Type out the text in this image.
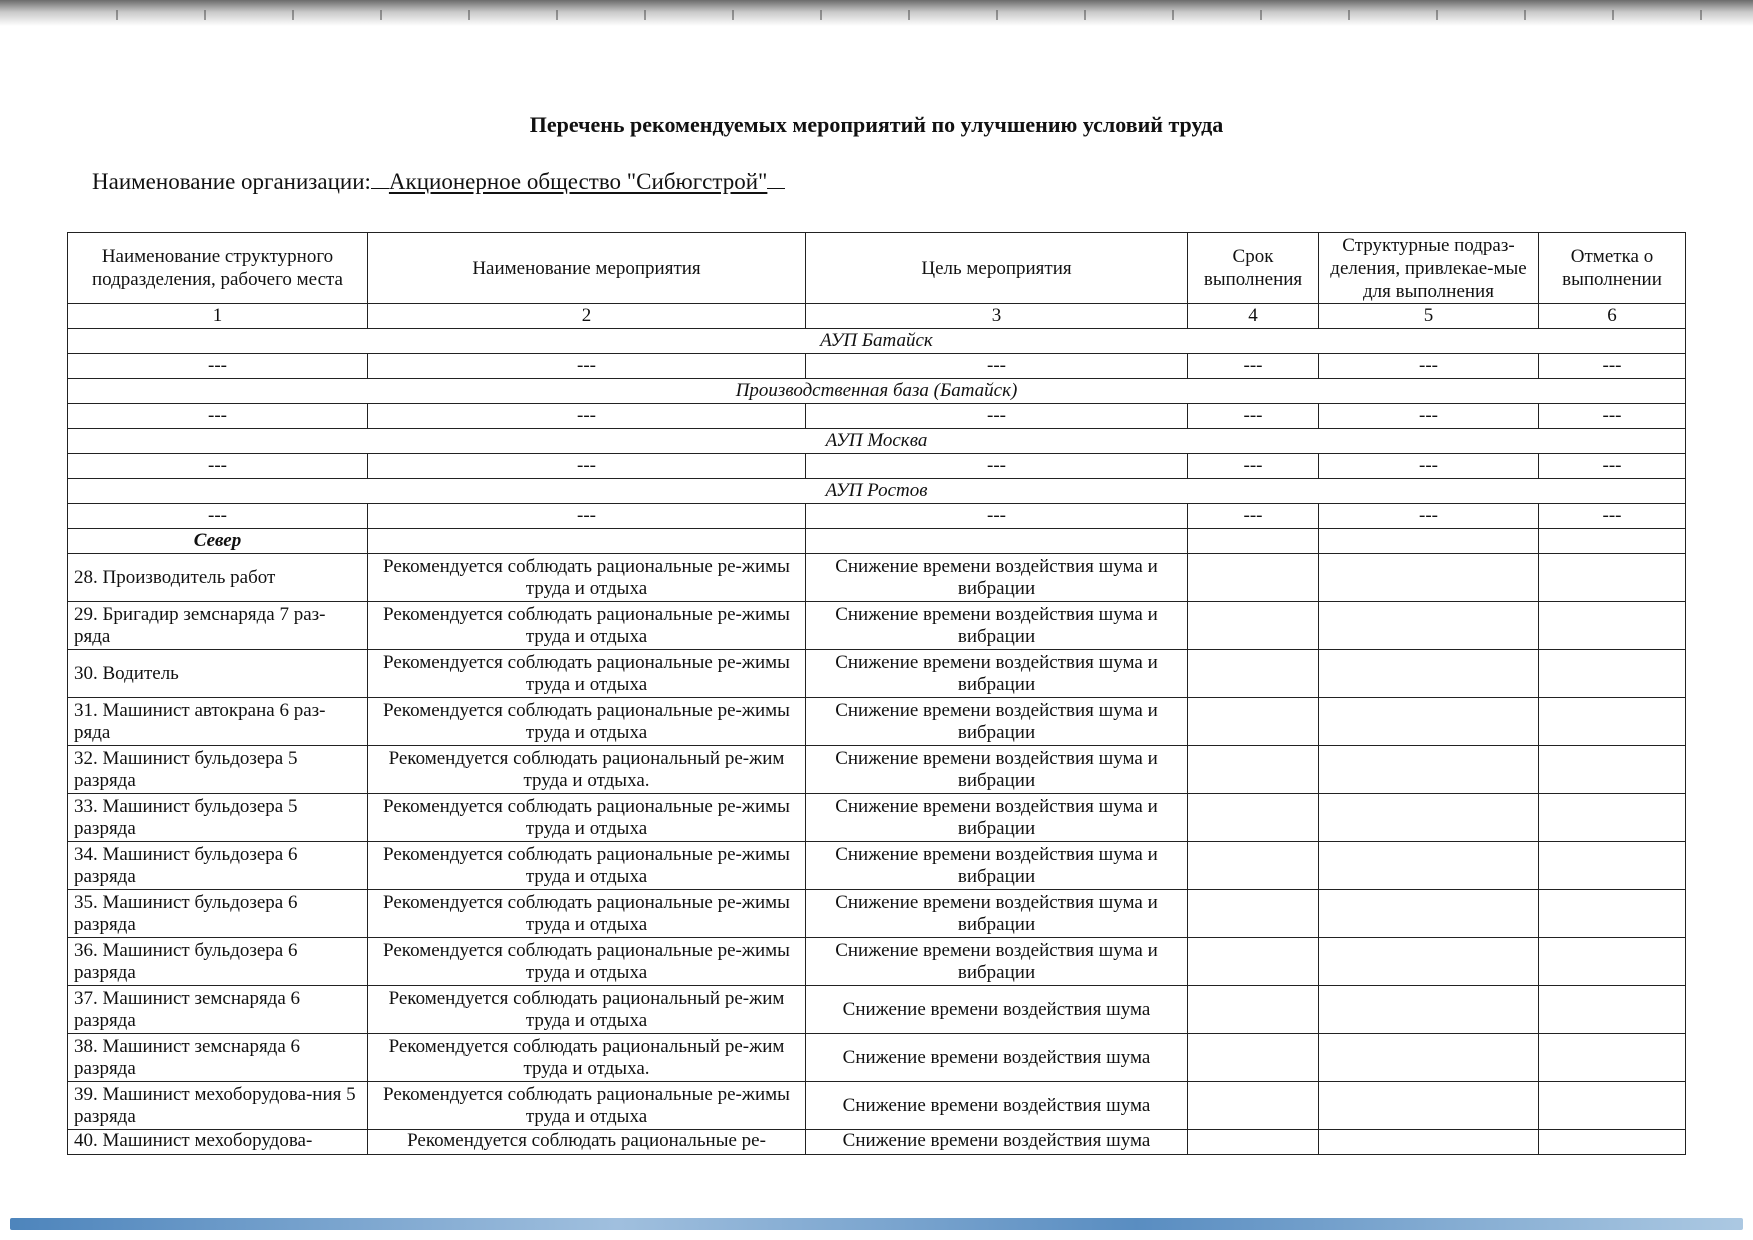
Перечень рекомендуемых мероприятий по улучшению условий труда
Наименование организации: Акционерное общество "Сибюгстрой"
Наименование структурного подразделения, рабочего места	Наименование мероприятия	Цель мероприятия	Срок выполнения	Структурные подраз-деления, привлекае-мые для выполнения	Отметка о выполнении
1	2	3	4	5	6
АУП Батайск					
---	---	---	---	---	---
Производственная база (Батайск)					
---	---	---	---	---	---
АУП Москва					
---	---	---	---	---	---
АУП Ростов					
---	---	---	---	---	---
Север					
28. Производитель работ	Рекомендуется соблюдать рациональные ре-жимы труда и отдыха	Снижение времени воздействия шума и вибрации			
29. Бригадир земснаряда 7 раз-ряда	Рекомендуется соблюдать рациональные ре-жимы труда и отдыха	Снижение времени воздействия шума и вибрации			
30. Водитель	Рекомендуется соблюдать рациональные ре-жимы труда и отдыха	Снижение времени воздействия шума и вибрации			
31. Машинист автокрана 6 раз-ряда	Рекомендуется соблюдать рациональные ре-жимы труда и отдыха	Снижение времени воздействия шума и вибрации			
32. Машинист бульдозера 5 разряда	Рекомендуется соблюдать рациональный ре-жим труда и отдыха.	Снижение времени воздействия шума и вибрации			
33. Машинист бульдозера 5 разряда	Рекомендуется соблюдать рациональные ре-жимы труда и отдыха	Снижение времени воздействия шума и вибрации			
34. Машинист бульдозера 6 разряда	Рекомендуется соблюдать рациональные ре-жимы труда и отдыха	Снижение времени воздействия шума и вибрации			
35. Машинист бульдозера 6 разряда	Рекомендуется соблюдать рациональные ре-жимы труда и отдыха	Снижение времени воздействия шума и вибрации			
36. Машинист бульдозера 6 разряда	Рекомендуется соблюдать рациональные ре-жимы труда и отдыха	Снижение времени воздействия шума и вибрации			
37. Машинист земснаряда 6 разряда	Рекомендуется соблюдать рациональный ре-жим труда и отдыха	Снижение времени воздействия шума			
38. Машинист земснаряда 6 разряда	Рекомендуется соблюдать рациональный ре-жим труда и отдыха.	Снижение времени воздействия шума			
39. Машинист мехоборудова-ния 5 разряда	Рекомендуется соблюдать рациональные ре-жимы труда и отдыха	Снижение времени воздействия шума			
40. Машинист мехоборудова-	Рекомендуется соблюдать рациональные ре-	Снижение времени воздействия шума			
